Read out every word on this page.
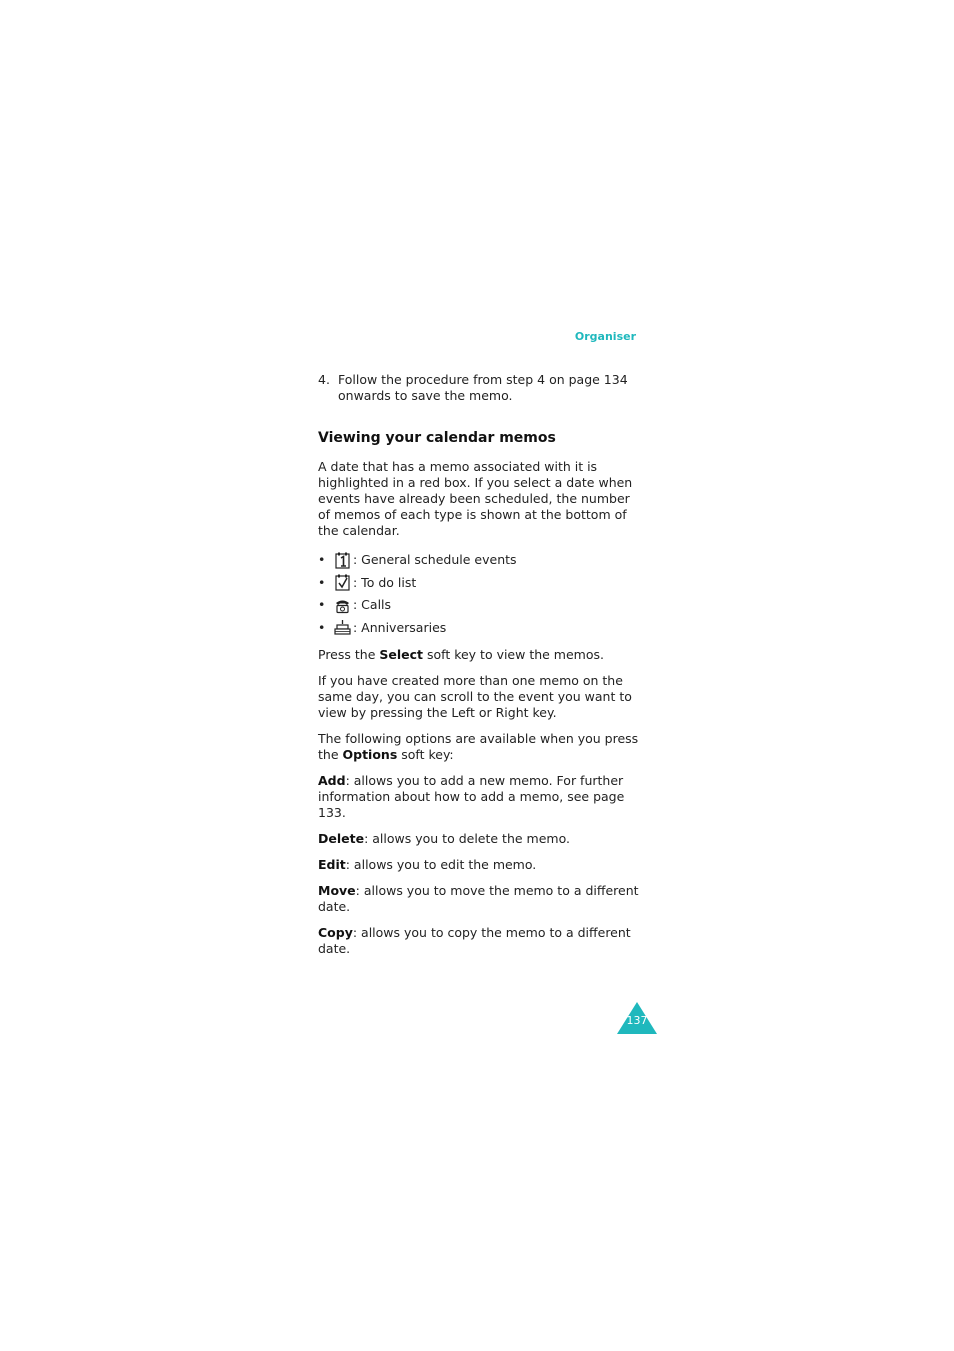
Organiser
4. Follow the procedure from step 4 on page 134 onwards to save the memo.
Viewing your calendar memos

A date that has a memo associated with it is highlighted in a red box. If you select a date when events have already been scheduled, the number of memos of each type is shown at the bottom of the calendar.

•	: General schedule events
•	: To do list
•	: Calls
•	: Anniversaries

Press the Select soft key to view the memos.

If you have created more than one memo on the same day, you can scroll to the event you want to view by pressing the Left or Right key.

The following options are available when you press the Options soft key:

Add: allows you to add a new memo. For further information about how to add a memo, see page 133.

Delete: allows you to delete the memo.

Edit: allows you to edit the memo.

Move: allows you to move the memo to a different date.

Copy: allows you to copy the memo to a different date.

137
